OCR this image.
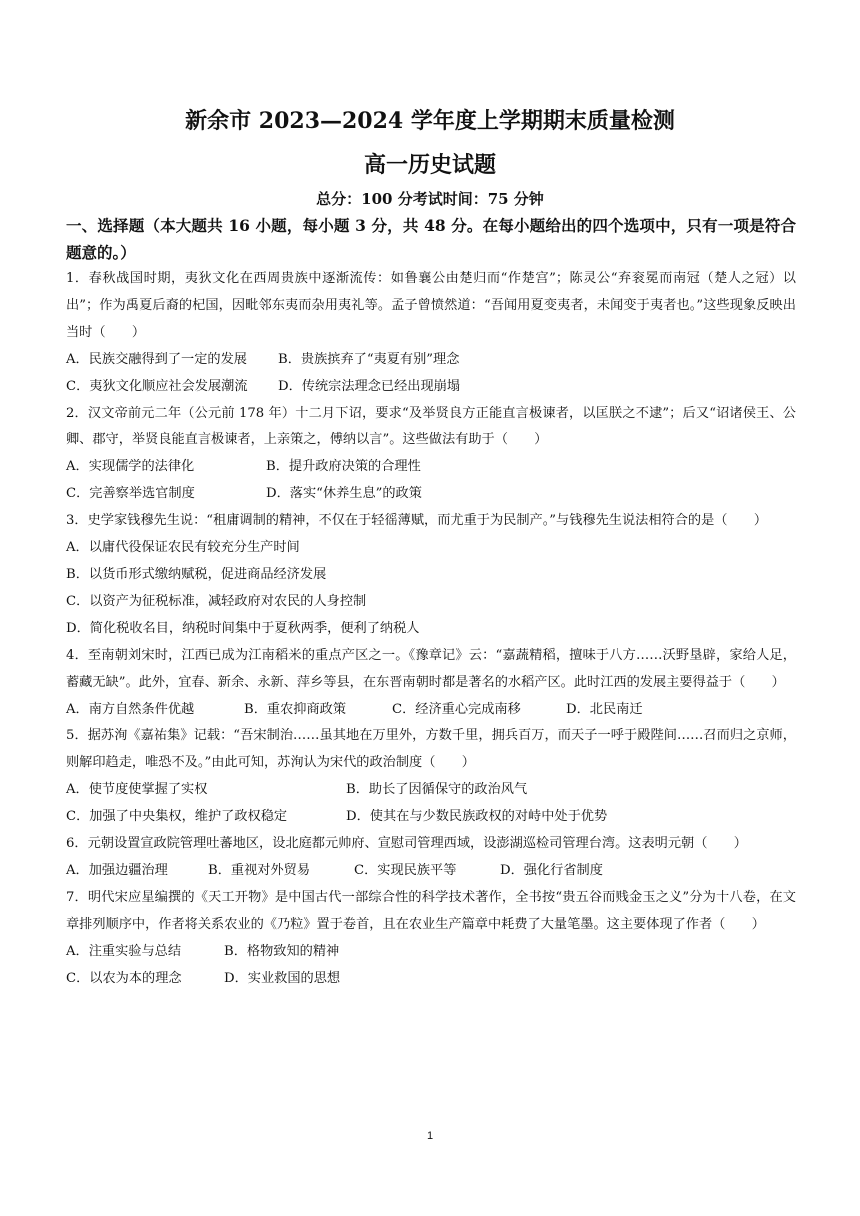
新余市 2023—2024 学年度上学期期末质量检测
高一历史试题
总分：100 分考试时间：75 分钟

一、选择题（本大题共 16 小题，每小题 3 分，共 48 分。在每小题给出的四个选项中，只有一项是符合题意的。）

1．春秋战国时期，夷狄文化在西周贵族中逐渐流传：如鲁襄公由楚归而“作楚宫”；陈灵公“弃衮冕而南冠（楚人之冠）以出”；作为禹夏后裔的杞国，因毗邻东夷而杂用夷礼等。孟子曾愤然道：“吾闻用夏变夷者，未闻变于夷者也。”这些现象反映出当时（　　）

A．民族交融得到了一定的发展	B．贵族摈弃了“夷夏有别”理念
C．夷狄文化顺应社会发展潮流	D．传统宗法理念已经出现崩塌

2．汉文帝前元二年（公元前 178 年）十二月下诏，要求“及举贤良方正能直言极谏者，以匡朕之不逮”；后又“诏诸侯王、公卿、郡守，举贤良能直言极谏者，上亲策之，傅纳以言”。这些做法有助于（　　）

A．实现儒学的法律化	B．提升政府决策的合理性
C．完善察举选官制度	D．落实“休养生息”的政策

3．史学家钱穆先生说：“租庸调制的精神，不仅在于轻徭薄赋，而尤重于为民制产。”与钱穆先生说法相符合的是（　　）

A．以庸代役保证农民有较充分生产时间

B．以货币形式缴纳赋税，促进商品经济发展

C．以资产为征税标准，减轻政府对农民的人身控制

D．简化税收名目，纳税时间集中于夏秋两季，便利了纳税人

4．至南朝刘宋时，江西已成为江南稻米的重点产区之一。《豫章记》云：“嘉蔬精稻，擅味于八方……沃野垦辟，家给人足，蓄藏无缺”。此外，宜春、新余、永新、萍乡等县，在东晋南朝时都是著名的水稻产区。此时江西的发展主要得益于（　　）

A．南方自然条件优越	B．重农抑商政策	C．经济重心完成南移	D．北民南迁

5．据苏洵《嘉祐集》记载：“吾宋制治……虽其地在万里外，方数千里，拥兵百万，而天子一呼于殿陛间……召而归之京师，则解印趋走，唯恐不及。”由此可知，苏洵认为宋代的政治制度（　　）

A．使节度使掌握了实权	B．助长了因循保守的政治风气
C．加强了中央集权，维护了政权稳定	D．使其在与少数民族政权的对峙中处于优势

6．元朝设置宣政院管理吐蕃地区，设北庭都元帅府、宣慰司管理西域，设澎湖巡检司管理台湾。这表明元朝（　　）

A．加强边疆治理	B．重视对外贸易	C．实现民族平等	D．强化行省制度

7．明代宋应星编撰的《天工开物》是中国古代一部综合性的科学技术著作，全书按“贵五谷而贱金玉之义”分为十八卷，在文章排列顺序中，作者将关系农业的《乃粒》置于卷首，且在农业生产篇章中耗费了大量笔墨。这主要体现了作者（　　）

A．注重实验与总结	B．格物致知的精神
C．以农为本的理念	D．实业救国的思想
1
